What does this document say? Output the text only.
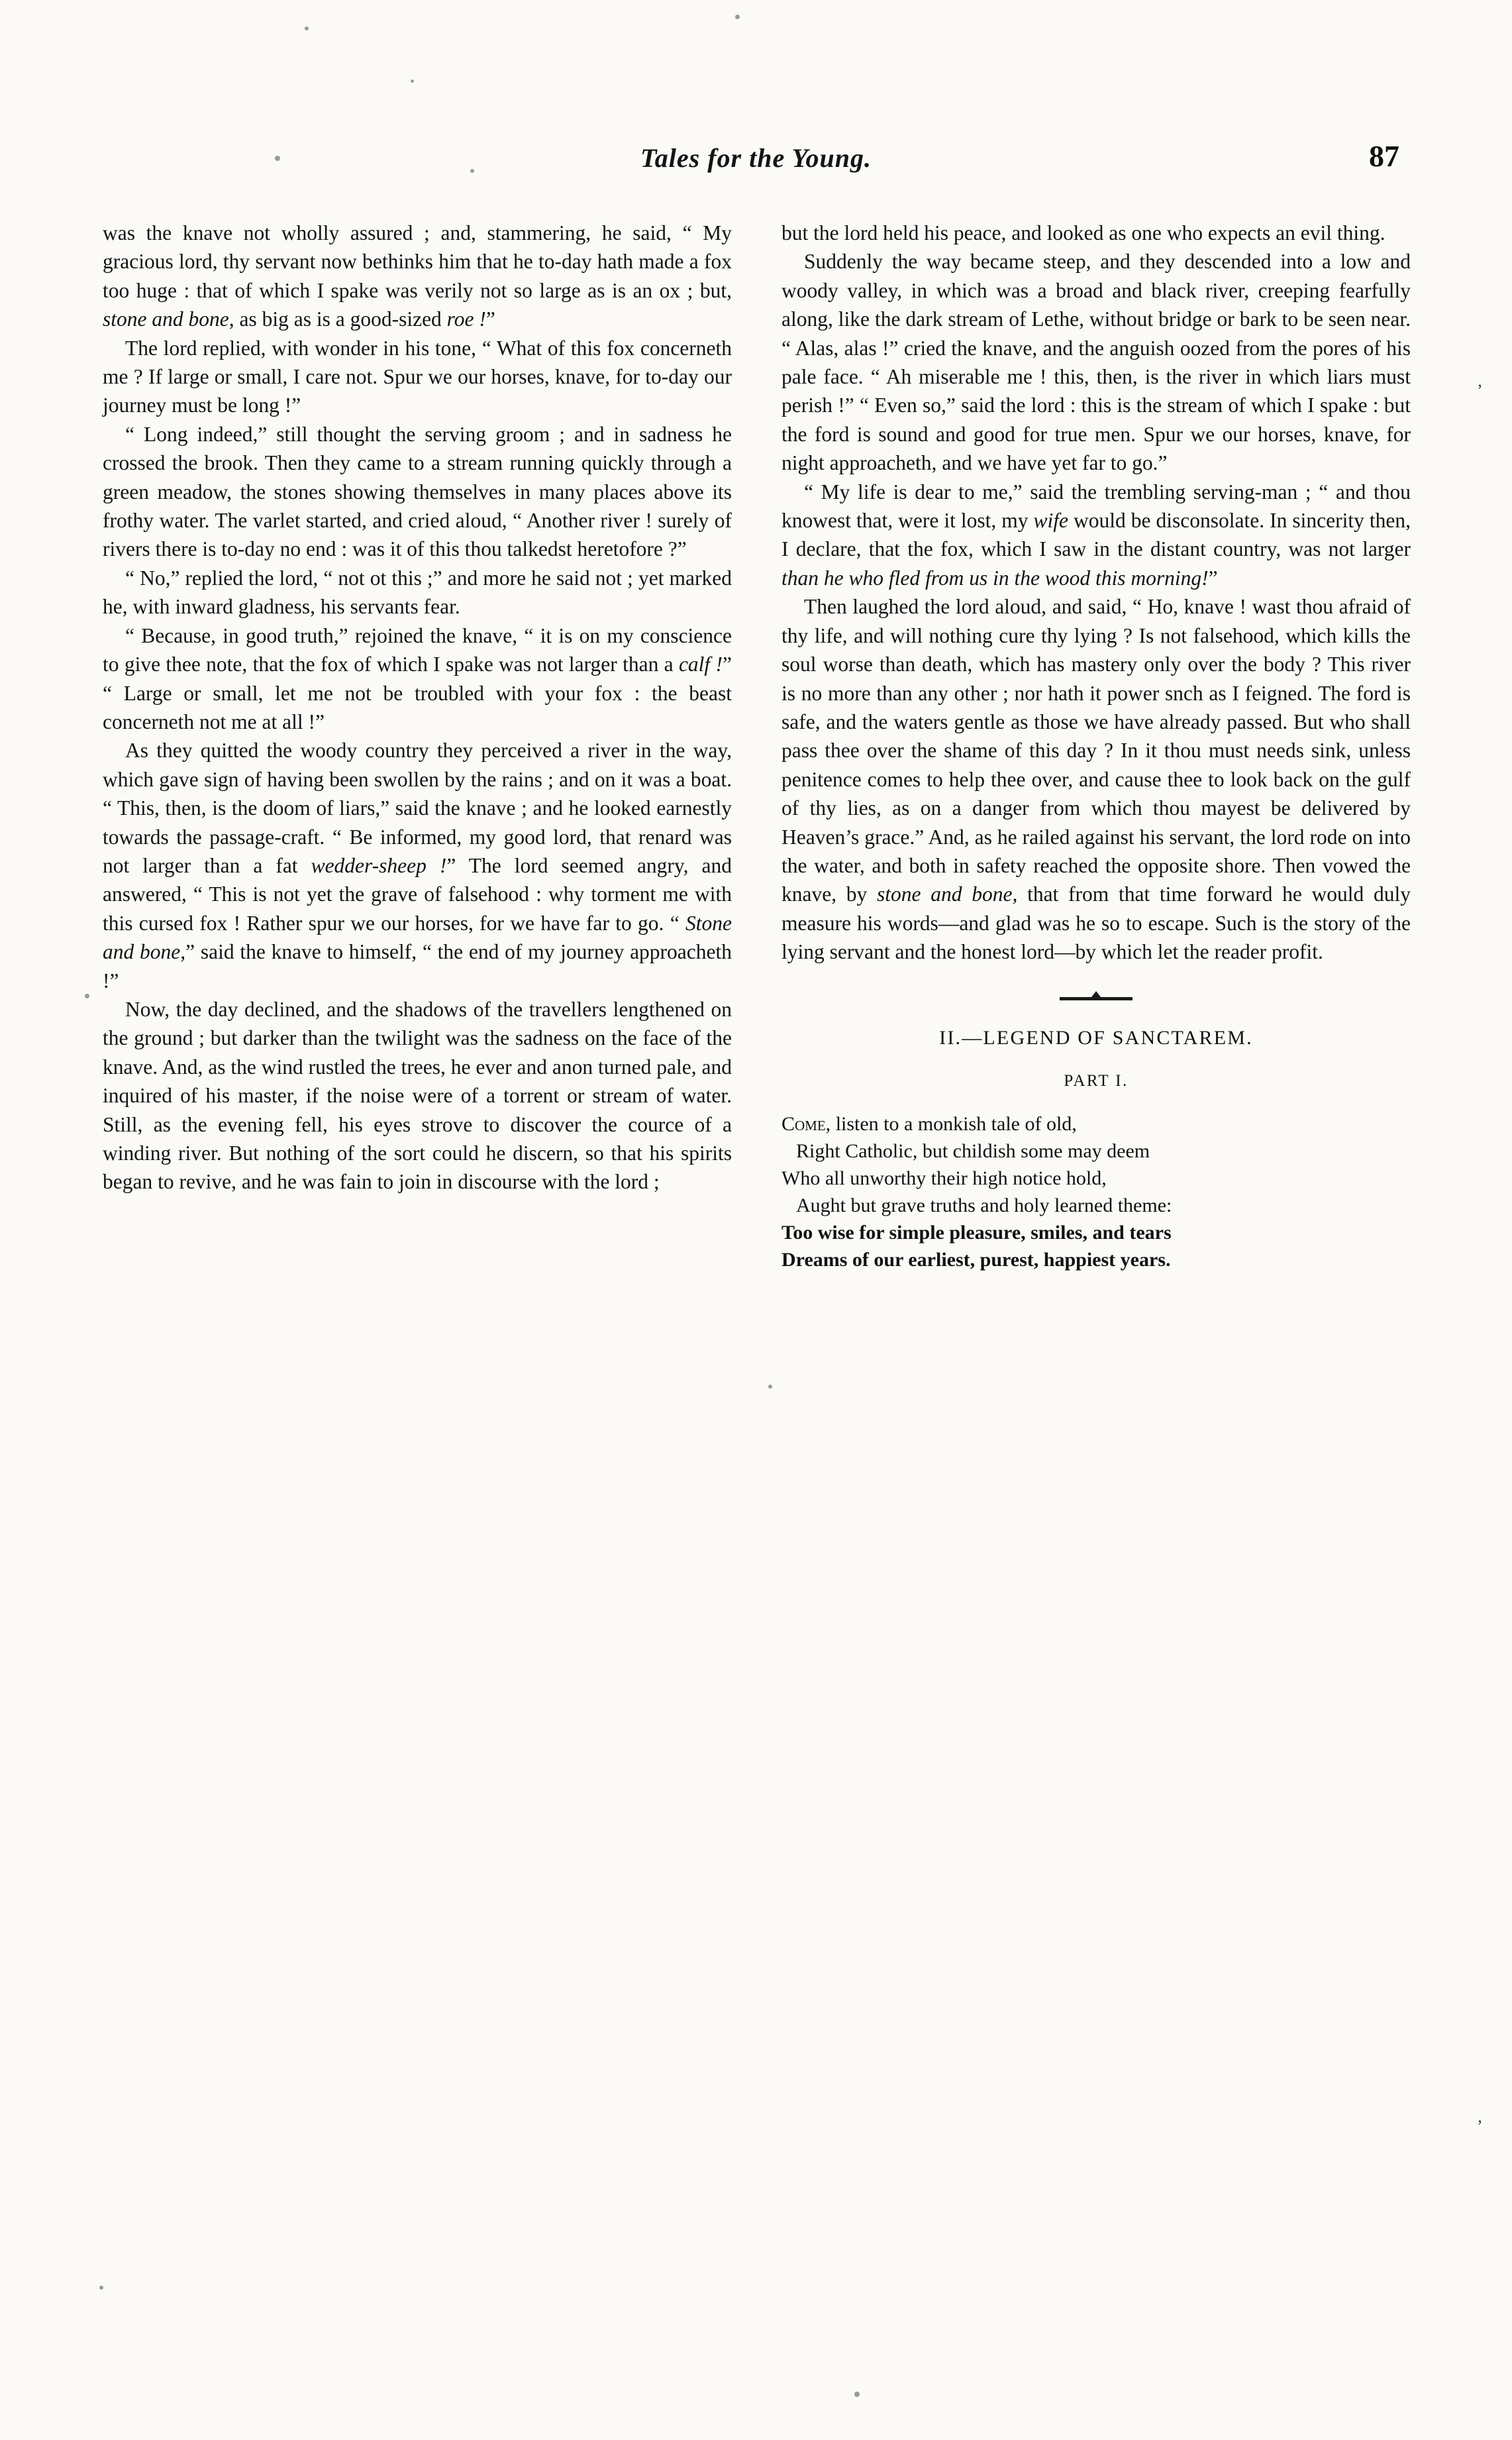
Tales for the Young.	87
’
’

was the knave not wholly assured ; and, stammering, he said, “ My gracious lord, thy servant now bethinks him that he to-day hath made a fox too huge : that of which I spake was verily not so large as is an ox ; but, stone and bone, as big as is a good-sized roe !”

The lord replied, with wonder in his tone, “ What of this fox concerneth me ? If large or small, I care not. Spur we our horses, knave, for to-day our journey must be long !”

“ Long indeed,” still thought the serving groom ; and in sadness he crossed the brook. Then they came to a stream running quickly through a green meadow, the stones showing themselves in many places above its frothy water. The varlet started, and cried aloud, “ Another river ! surely of rivers there is to-day no end : was it of this thou talkedst heretofore ?”

“ No,” replied the lord, “ not ot this ;” and more he said not ; yet marked he, with inward gladness, his servants fear.

“ Because, in good truth,” rejoined the knave, “ it is on my conscience to give thee note, that the fox of which I spake was not larger than a calf !” “ Large or small, let me not be troubled with your fox : the beast concerneth not me at all !”

As they quitted the woody country they perceived a river in the way, which gave sign of having been swollen by the rains ; and on it was a boat. “ This, then, is the doom of liars,” said the knave ; and he looked earnestly towards the passage-craft. “ Be informed, my good lord, that renard was not larger than a fat wedder-sheep !” The lord seemed angry, and answered, “ This is not yet the grave of falsehood : why torment me with this cursed fox ! Rather spur we our horses, for we have far to go. “ Stone and bone,” said the knave to himself, “ the end of my journey approacheth !”

Now, the day declined, and the shadows of the travellers lengthened on the ground ; but darker than the twilight was the sadness on the face of the knave. And, as the wind rustled the trees, he ever and anon turned pale, and inquired of his master, if the noise were of a torrent or stream of water. Still, as the evening fell, his eyes strove to discover the cource of a winding river. But nothing of the sort could he discern, so that his spirits began to revive, and he was fain to join in discourse with the lord ;

but the lord held his peace, and looked as one who expects an evil thing.

Suddenly the way became steep, and they descended into a low and woody valley, in which was a broad and black river, creeping fearfully along, like the dark stream of Lethe, without bridge or bark to be seen near. “ Alas, alas !” cried the knave, and the anguish oozed from the pores of his pale face. “ Ah miserable me ! this, then, is the river in which liars must perish !” “ Even so,” said the lord : this is the stream of which I spake : but the ford is sound and good for true men. Spur we our horses, knave, for night approacheth, and we have yet far to go.”

“ My life is dear to me,” said the trembling serving-man ; “ and thou knowest that, were it lost, my wife would be disconsolate. In sincerity then, I declare, that the fox, which I saw in the distant country, was not larger than he who fled from us in the wood this morning!”

Then laughed the lord aloud, and said, “ Ho, knave ! wast thou afraid of thy life, and will nothing cure thy lying ? Is not falsehood, which kills the soul worse than death, which has mastery only over the body ? This river is no more than any other ; nor hath it power snch as I feigned. The ford is safe, and the waters gentle as those we have already passed. But who shall pass thee over the shame of this day ? In it thou must needs sink, unless penitence comes to help thee over, and cause thee to look back on the gulf of thy lies, as on a danger from which thou mayest be delivered by Heaven’s grace.” And, as he railed against his servant, the lord rode on into the water, and both in safety reached the opposite shore. Then vowed the knave, by stone and bone, that from that time forward he would duly measure his words—and glad was he so to escape. Such is the story of the lying servant and the honest lord—by which let the reader profit.

II.—LEGEND OF SANCTAREM.
PART I.
Come, listen to a monkish tale of old,
Right Catholic, but childish some may deem
Who all unworthy their high notice hold,
Aught but grave truths and holy learned theme:
Too wise for simple pleasure, smiles, and tears
Dreams of our earliest, purest, happiest years.
